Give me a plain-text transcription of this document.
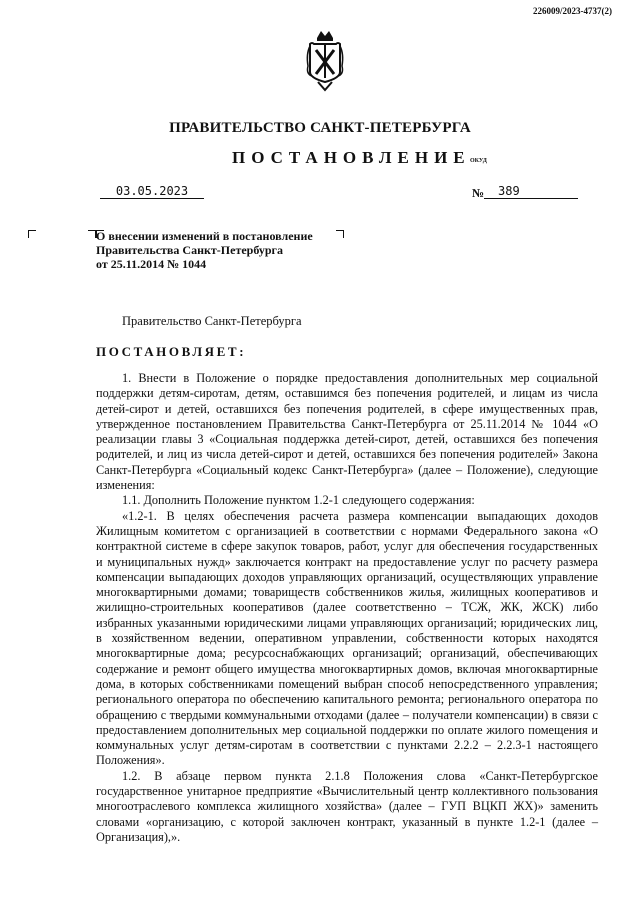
226009/2023-4737(2)
ПРАВИТЕЛЬСТВО САНКТ-ПЕТЕРБУРГА
ПОСТАНОВЛЕНИЕ ОКУД
03.05.2023	№	389
О внесении изменений в постановление
Правительства Санкт-Петербурга
от 25.11.2014 № 1044
Правительство Санкт-Петербурга
ПОСТАНОВЛЯЕТ:

1. Внести в Положение о порядке предоставления дополнительных мер социальной поддержки детям-сиротам, детям, оставшимся без попечения родителей, и лицам из числа детей-сирот и детей, оставшихся без попечения родителей, в сфере имущественных прав, утвержденное постановлением Правительства Санкт-Петербурга от 25.11.2014 № 1044 «О реализации главы 3 «Социальная поддержка детей-сирот, детей, оставшихся без попечения родителей, и лиц из числа детей-сирот и детей, оставшихся без попечения родителей» Закона Санкт-Петербурга «Социальный кодекс Санкт-Петербурга» (далее – Положение), следующие изменения:

1.1. Дополнить Положение пунктом 1.2-1 следующего содержания:

«1.2-1. В целях обеспечения расчета размера компенсации выпадающих доходов Жилищным комитетом с организацией в соответствии с нормами Федерального закона «О контрактной системе в сфере закупок товаров, работ, услуг для обеспечения государственных и муниципальных нужд» заключается контракт на предоставление услуг по расчету размера компенсации выпадающих доходов управляющих организаций, осуществляющих управление многоквартирными домами; товариществ собственников жилья, жилищных кооперативов и жилищно-строительных кооперативов (далее соответственно – ТСЖ, ЖК, ЖСК) либо избранных указанными юридическими лицами управляющих организаций; юридических лиц, в хозяйственном ведении, оперативном управлении, собственности которых находятся многоквартирные дома; ресурсоснабжающих организаций; организаций, обеспечивающих содержание и ремонт общего имущества многоквартирных домов, включая многоквартирные дома, в которых собственниками помещений выбран способ непосредственного управления; регионального оператора по обеспечению капитального ремонта; регионального оператора по обращению с твердыми коммунальными отходами (далее – получатели компенсации) в связи с предоставлением дополнительных мер социальной поддержки по оплате жилого помещения и коммунальных услуг детям-сиротам в соответствии с пунктами 2.2.2 – 2.2.3-1 настоящего Положения».

1.2. В абзаце первом пункта 2.1.8 Положения слова «Санкт-Петербургское государственное унитарное предприятие «Вычислительный центр коллективного пользования многоотраслевого комплекса жилищного хозяйства» (далее – ГУП ВЦКП ЖХ)» заменить словами «организацию, с которой заключен контракт, указанный в пункте 1.2-1 (далее – Организация),».
